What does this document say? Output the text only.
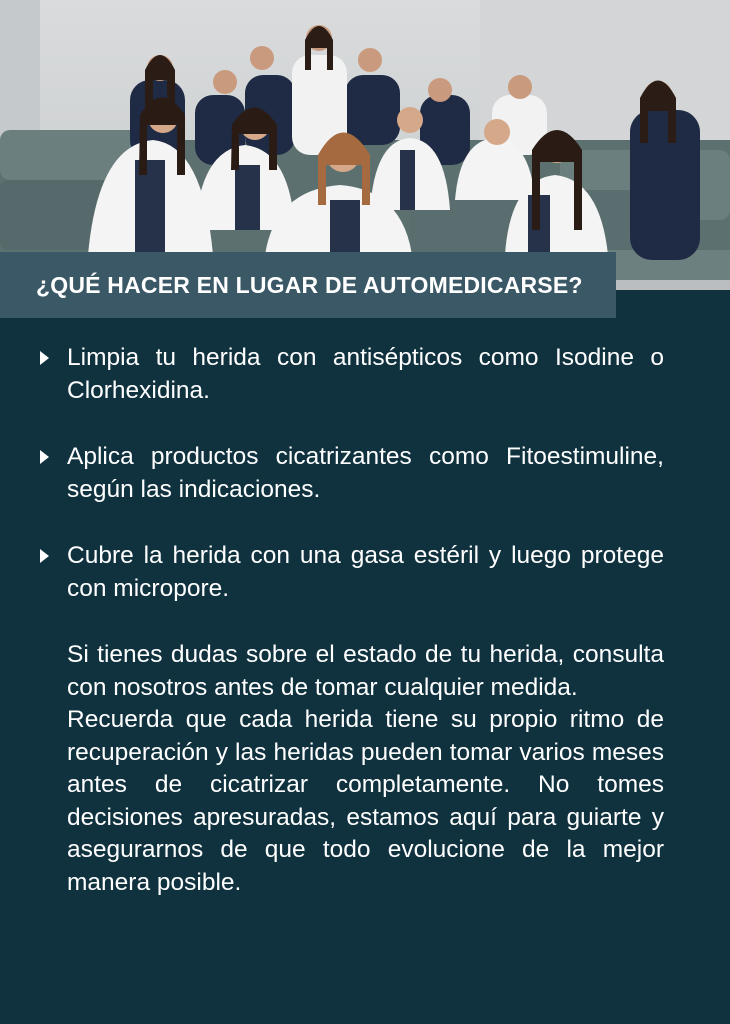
¿QUÉ HACER EN LUGAR DE AUTOMEDICARSE?
Limpia tu herida con antisépticos como Isodine o Clorhexidina.
Aplica productos cicatrizantes como Fitoestimuline, según las indicaciones.
Cubre la herida con una gasa estéril y luego protege con micropore.
Si tienes dudas sobre el estado de tu herida, consulta con nosotros antes de tomar cualquier medida.
Recuerda que cada herida tiene su propio ritmo de recuperación y las heridas pueden tomar varios meses antes de cicatrizar completamente. No tomes decisiones apresuradas, estamos aquí para guiarte y asegurarnos de que todo evolucione de la mejor manera posible.
